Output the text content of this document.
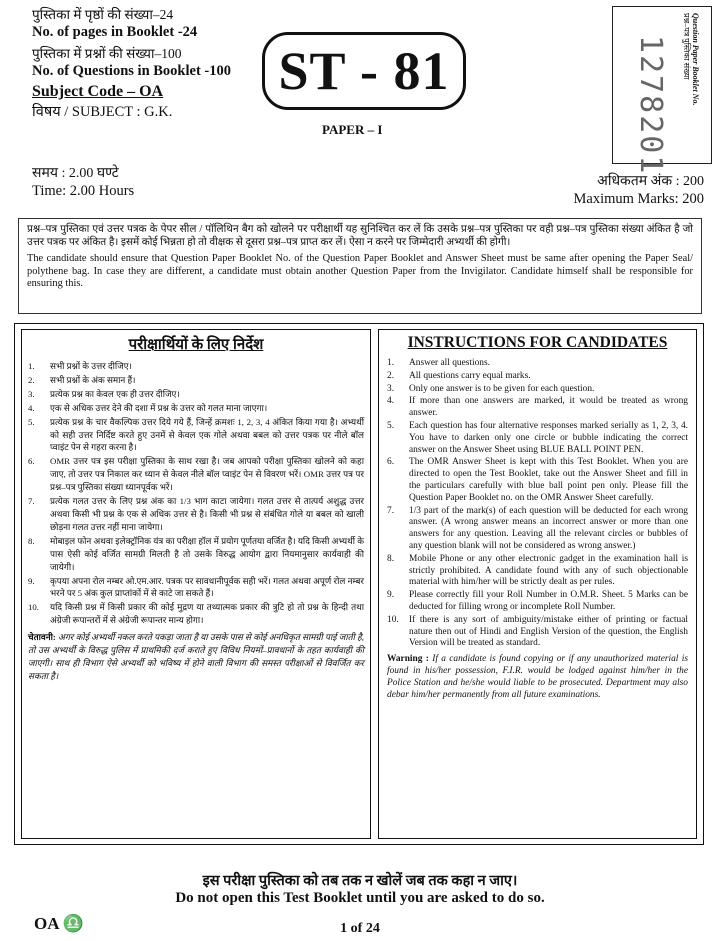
पुस्तिका में पृष्ठों की संख्या–24
No. of pages in Booklet -24
पुस्तिका में प्रश्नों की संख्या–100
No. of Questions in Booklet -100
Subject Code – OA
विषय / SUBJECT : G.K.
ST - 81
PAPER – I
Question Paper Booklet No.
प्रश्न–पत्र पुस्तिका संख्या
1278201
समय : 2.00 घण्टे
Time: 2.00 Hours
अधिकतम अंक : 200
Maximum Marks: 200

प्रश्न–पत्र पुस्तिका एवं उत्तर पत्रक के पेपर सील / पॉलिथिन बैग को खोलने पर परीक्षार्थी यह सुनिश्चित कर लें कि उसके प्रश्न–पत्र पुस्तिका पर वही प्रश्न–पत्र पुस्तिका संख्या अंकित है जो उत्तर पत्रक पर अंकित है। इसमें कोई भिन्नता हो तो वीक्षक से दूसरा प्रश्न–पत्र प्राप्त कर लें। ऐसा न करने पर जिम्मेदारी अभ्यर्थी की होगी।

The candidate should ensure that Question Paper Booklet No. of the Question Paper Booklet and Answer Sheet must be same after opening the Paper Seal/ polythene bag. In case they are different, a candidate must obtain another Question Paper from the Invigilator. Candidate himself shall be responsible for ensuring this.

परीक्षार्थियों के लिए निर्देश
1. सभी प्रश्नों के उत्तर दीजिए।
2. सभी प्रश्नों के अंक समान हैं।
3. प्रत्येक प्रश्न का केवल एक ही उत्तर दीजिए।
4. एक से अधिक उत्तर देने की दशा में प्रश्न के उत्तर को गलत माना जाएगा।
5. प्रत्येक प्रश्न के चार वैकल्पिक उत्तर दिये गये हैं, जिन्हें क्रमशः 1, 2, 3, 4 अंकित किया गया है। अभ्यर्थी को सही उत्तर निर्दिष्ट करते हुए उनमें से केवल एक गोले अथवा बबल को उत्तर पत्रक पर नीले बॉल प्वाइंट पेन से गहरा करना है।
6. OMR उत्तर पत्र इस परीक्षा पुस्तिका के साथ रखा है। जब आपको परीक्षा पुस्तिका खोलने को कहा जाए, तो उत्तर पत्र निकाल कर ध्यान से केवल नीले बॉल प्वाइंट पेन से विवरण भरें। OMR उत्तर पत्र पर प्रश्न–पत्र पुस्तिका संख्या ध्यानपूर्वक भरें।
7. प्रत्येक गलत उत्तर के लिए प्रश्न अंक का 1/3 भाग काटा जायेगा। गलत उत्तर से तात्पर्य अशुद्ध उत्तर अथवा किसी भी प्रश्न के एक से अधिक उत्तर से है। किसी भी प्रश्न से संबंधित गोले या बबल को खाली छोड़ना गलत उत्तर नहीं माना जायेगा।
8. मोबाइल फोन अथवा इलेक्ट्रॉनिक यंत्र का परीक्षा हॉल में प्रयोग पूर्णतया वर्जित है। यदि किसी अभ्यर्थी के पास ऐसी कोई वर्जित सामग्री मिलती है तो उसके विरुद्ध आयोग द्वारा नियमानुसार कार्यवाही की जायेगी।
9. कृपया अपना रोल नम्बर ओ.एम.आर. पत्रक पर सावधानीपूर्वक सही भरें। गलत अथवा अपूर्ण रोल नम्बर भरने पर 5 अंक कुल प्राप्तांकों में से काटे जा सकते हैं।
10. यदि किसी प्रश्न में किसी प्रकार की कोई मुद्रण या तथ्यात्मक प्रकार की त्रुटि हो तो प्रश्न के हिन्दी तथा अंग्रेजी रूपान्तरों में से अंग्रेजी रूपान्तर मान्य होगा।
चेतावनी: अगर कोई अभ्यर्थी नकल करते पकड़ा जाता है या उसके पास से कोई अनधिकृत सामग्री पाई जाती है, तो उस अभ्यर्थी के विरुद्ध पुलिस में प्राथमिकी दर्ज कराते हुए विविध नियमों–प्रावधानों के तहत कार्यवाही की जाएगी। साथ ही विभाग ऐसे अभ्यर्थी को भविष्य में होने वाली विभाग की समस्त परीक्षाओं से विवर्जित कर सकता है।
INSTRUCTIONS FOR CANDIDATES
1. Answer all questions.
2. All questions carry equal marks.
3. Only one answer is to be given for each question.
4. If more than one answers are marked, it would be treated as wrong answer.
5. Each question has four alternative responses marked serially as 1, 2, 3, 4. You have to darken only one circle or bubble indicating the correct answer on the Answer Sheet using BLUE BALL POINT PEN.
6. The OMR Answer Sheet is kept with this Test Booklet. When you are directed to open the Test Booklet, take out the Answer Sheet and fill in the particulars carefully with blue ball point pen only. Please fill the Question Paper Booklet no. on the OMR Answer Sheet carefully.
7. 1/3 part of the mark(s) of each question will be deducted for each wrong answer. (A wrong answer means an incorrect answer or more than one answers for any question. Leaving all the relevant circles or bubbles of any question blank will not be considered as wrong answer.)
8. Mobile Phone or any other electronic gadget in the examination hall is strictly prohibited. A candidate found with any of such objectionable material with him/her will be strictly dealt as per rules.
9. Please correctly fill your Roll Number in O.M.R. Sheet. 5 Marks can be deducted for filling wrong or incomplete Roll Number.
10. If there is any sort of ambiguity/mistake either of printing or factual nature then out of Hindi and English Version of the question, the English Version will be treated as standard.
Warning : If a candidate is found copying or if any unauthorized material is found in his/her possession, F.I.R. would be lodged against him/her in the Police Station and he/she would liable to be prosecuted. Department may also debar him/her permanently from all future examinations.
इस परीक्षा पुस्तिका को तब तक न खोलें जब तक कहा न जाए।
Do not open this Test Booklet until you are asked to do so.
OA ♎	1 of 24
